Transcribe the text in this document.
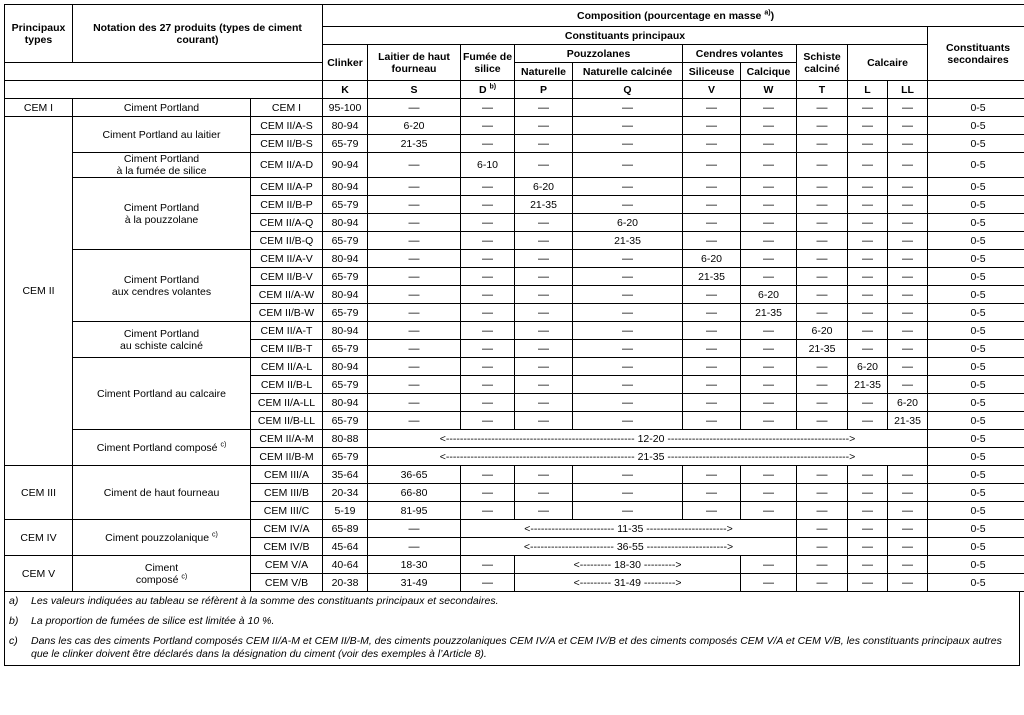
Principaux types	Notation des 27 produits (types de ciment courant)		Composition (pourcentage en masse $^{a)}$)										
			Constituants principaux										Constituants secondaires
			Clinker	Laitier de haut fourneau	Fumée de silice	Pouzzolanes		Cendres volantes		Schiste calciné	Calcaire		
						Naturelle	Naturelle calcinée	Siliceuse	Calcique				
			K	S	D $^{b)}$	P	Q	V	W	T	L	LL	
CEM I	Ciment Portland	CEM I	95-100	—	—	—	—	—	—	—	—	—	0-5
CEM II	Ciment Portland au laitier	CEM II/A-S	80-94	6-20	—	—	—	—	—	—	—	—	0-5
		CEM II/B-S	65-79	21-35	—	—	—	—	—	—	—	—	0-5
	Ciment Portland
à la fumée de silice	CEM II/A-D	90-94	—	6-10	—	—	—	—	—	—	—	0-5
	Ciment Portland
à la pouzzolane	CEM II/A-P	80-94	—	—	6-20	—	—	—	—	—	—	0-5
		CEM II/B-P	65-79	—	—	21-35	—	—	—	—	—	—	0-5
		CEM II/A-Q	80-94	—	—	—	6-20	—	—	—	—	—	0-5
		CEM II/B-Q	65-79	—	—	—	21-35	—	—	—	—	—	0-5
	Ciment Portland
aux cendres volantes	CEM II/A-V	80-94	—	—	—	—	6-20	—	—	—	—	0-5
		CEM II/B-V	65-79	—	—	—	—	21-35	—	—	—	—	0-5
		CEM II/A-W	80-94	—	—	—	—	—	6-20	—	—	—	0-5
		CEM II/B-W	65-79	—	—	—	—	—	21-35	—	—	—	0-5
	Ciment Portland
au schiste calciné	CEM II/A-T	80-94	—	—	—	—	—	—	6-20	—	—	0-5
		CEM II/B-T	65-79	—	—	—	—	—	—	21-35	—	—	0-5
	Ciment Portland au calcaire	CEM II/A-L	80-94	—	—	—	—	—	—	—	6-20	—	0-5
		CEM II/B-L	65-79	—	—	—	—	—	—	—	21-35	—	0-5
		CEM II/A-LL	80-94	—	—	—	—	—	—	—	—	6-20	0-5
		CEM II/B-LL	65-79	—	—	—	—	—	—	—	—	21-35	0-5
	Ciment Portland composé $^{c)}$	CEM II/A-M	80-88	<------------------------------------------------------ 12-20 ---------------------------------------------------->									0-5
		CEM II/B-M	65-79	<------------------------------------------------------ 21-35 ---------------------------------------------------->									0-5
CEM III	Ciment de haut fourneau	CEM III/A	35-64	36-65	—	—	—	—	—	—	—	—	0-5
		CEM III/B	20-34	66-80	—	—	—	—	—	—	—	—	0-5
		CEM III/C	5-19	81-95	—	—	—	—	—	—	—	—	0-5
CEM IV	Ciment pouzzolanique $^{c)}$	CEM IV/A	65-89	—	<------------------------ 11-35 ----------------------->					—	—	—	0-5
		CEM IV/B	45-64	—	<------------------------ 36-55 ----------------------->					—	—	—	0-5
CEM V	Ciment
composé $^{c)}$	CEM V/A	40-64	18-30	—	<--------- 18-30 --------->			—	—	—	—	0-5
		CEM V/B	20-38	31-49	—	<--------- 31-49 --------->			—	—	—	—	0-5
a)	Les valeurs indiquées au tableau se réfèrent à la somme des constituants principaux et secondaires.
b)	La proportion de fumées de silice est limitée à 10 %.
c)	Dans les cas des ciments Portland composés CEM II/A-M et CEM II/B-M, des ciments pouzzolaniques CEM IV/A et CEM IV/B et des ciments composés CEM V/A et CEM V/B, les constituants principaux autres que le clinker doivent être déclarés dans la désignation du ciment (voir des exemples à l’Article 8).
